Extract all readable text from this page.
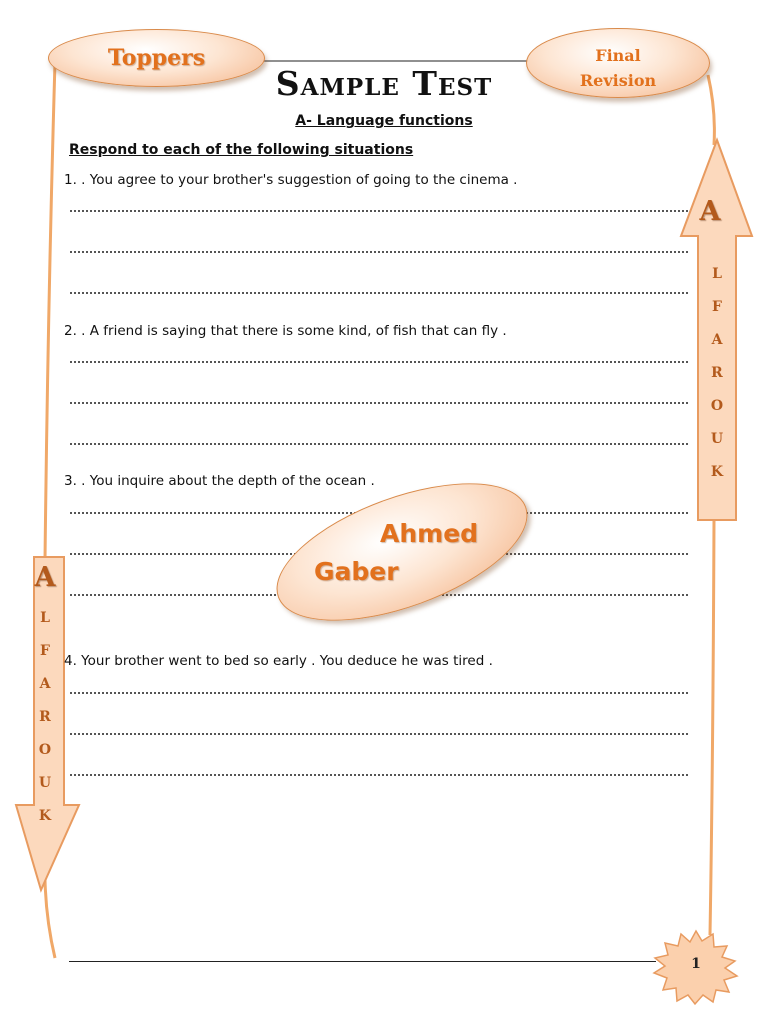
Toppers	Final
Revision
Sample Test
A- Language functions
Respond to each of the following situations
1. . You agree to your brother's suggestion of going to the cinema .
2. . A friend is saying that there is some kind, of fish that can fly .
3. . You inquire about the depth of the ocean .
Ahmed
Gaber
4. Your brother went to bed so early . You deduce he was tired .
A
L
F
A
R
O
U
K
A
L
F
A
R
O
U
K
1
